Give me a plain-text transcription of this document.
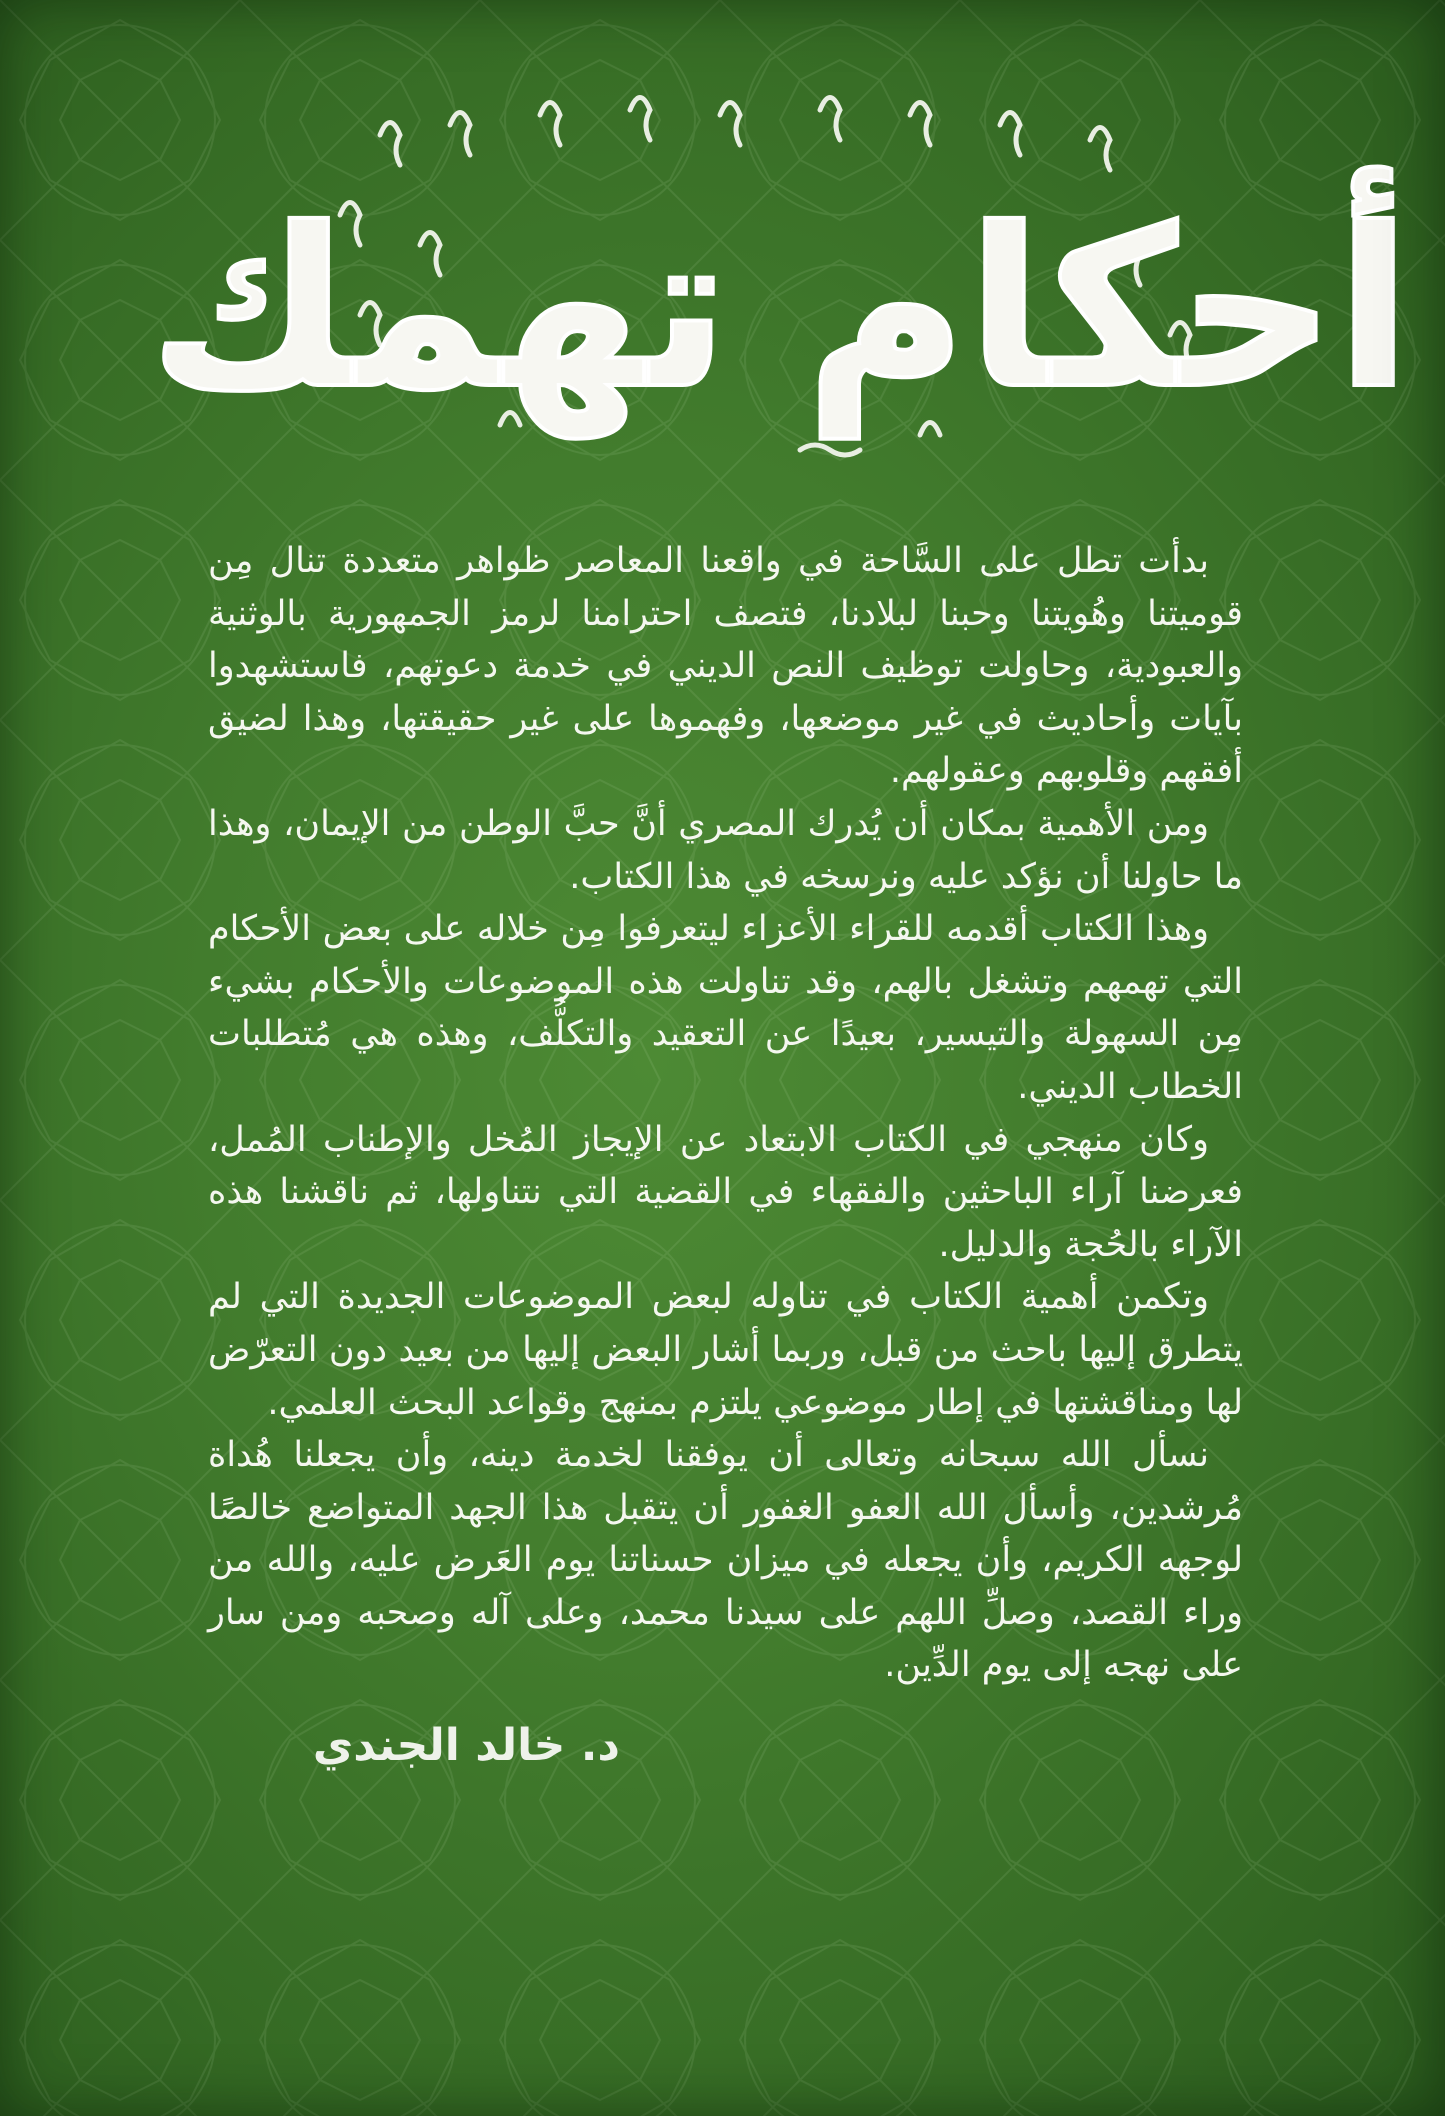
أحكام تهمك

بدأت تطل على السَّاحة في واقعنا المعاصر ظواهر متعددة تنال مِن قوميتنا وهُويتنا وحبنا لبلادنا، فتصف احترامنا لرمز الجمهورية بالوثنية والعبودية، وحاولت توظيف النص الديني في خدمة دعوتهم، فاستشهدوا بآيات وأحاديث في غير موضعها، وفهموها على غير حقيقتها، وهذا لضيق أفقهم وقلوبهم وعقولهم.

ومن الأهمية بمكان أن يُدرك المصري أنَّ حبَّ الوطن من الإيمان، وهذا ما حاولنا أن نؤكد عليه ونرسخه في هذا الكتاب.

وهذا الكتاب أقدمه للقراء الأعزاء ليتعرفوا مِن خلاله على بعض الأحكام التي تهمهم وتشغل بالهم، وقد تناولت هذه الموضوعات والأحكام بشيء مِن السهولة والتيسير، بعيدًا عن التعقيد والتكلُّف، وهذه هي مُتطلبات الخطاب الديني.

وكان منهجي في الكتاب الابتعاد عن الإيجاز المُخل والإطناب المُمل، فعرضنا آراء الباحثين والفقهاء في القضية التي نتناولها، ثم ناقشنا هذه الآراء بالحُجة والدليل.

وتكمن أهمية الكتاب في تناوله لبعض الموضوعات الجديدة التي لم يتطرق إليها باحث من قبل، وربما أشار البعض إليها من بعيد دون التعرّض لها ومناقشتها في إطار موضوعي يلتزم بمنهج وقواعد البحث العلمي.

نسأل الله سبحانه وتعالى أن يوفقنا لخدمة دينه، وأن يجعلنا هُداة مُرشدين، وأسأل الله العفو الغفور أن يتقبل هذا الجهد المتواضع خالصًا لوجهه الكريم، وأن يجعله في ميزان حسناتنا يوم العَرض عليه، والله من وراء القصد، وصلِّ اللهم على سيدنا محمد، وعلى آله وصحبه ومن سار على نهجه إلى يوم الدِّين.

د. خالد الجندي
